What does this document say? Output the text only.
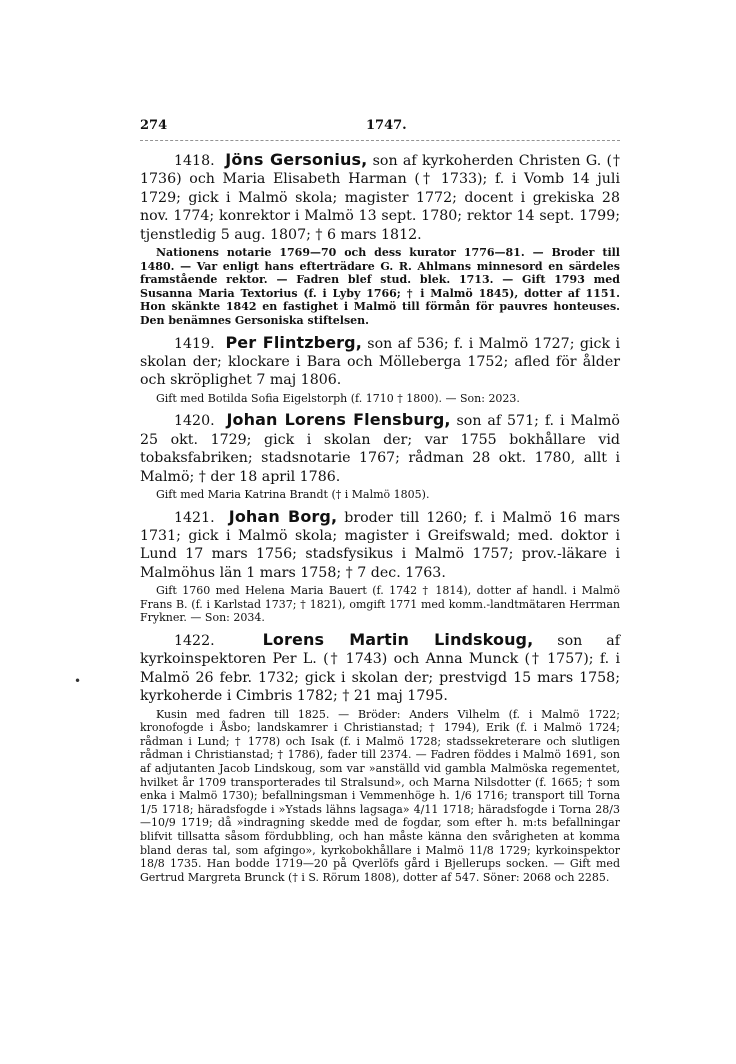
•
274	1747.

1418. Jöns Gersonius, son af kyrkoherden Christen G. († 1736) och Maria Elisabeth Harman († 1733); f. i Vomb 14 juli 1729; gick i Malmö skola; magister 1772; docent i grekiska 28 nov. 1774; konrektor i Malmö 13 sept. 1780; rektor 14 sept. 1799; tjenstledig 5 aug. 1807; † 6 mars 1812.

Nationens notarie 1769—70 och dess kurator 1776—81. — Broder till 1480. — Var enligt hans efterträdare G. R. Ahlmans minnesord en särdeles framstående rektor. — Fadren blef stud. blek. 1713. — Gift 1793 med Susanna Maria Textorius (f. i Lyby 1766; † i Malmö 1845), dotter af 1151. Hon skänkte 1842 en fastighet i Malmö till förmån för pauvres honteuses. Den benämnes Gersoniska stiftelsen.

1419. Per Flintzberg, son af 536; f. i Malmö 1727; gick i skolan der; klockare i Bara och Mölleberga 1752; afled för ålder och skröplighet 7 maj 1806.

Gift med Botilda Sofia Eigelstorph (f. 1710 † 1800). — Son: 2023.

1420. Johan Lorens Flensburg, son af 571; f. i Malmö 25 okt. 1729; gick i skolan der; var 1755 bokhållare vid tobaksfabriken; stadsnotarie 1767; rådman 28 okt. 1780, allt i Malmö; † der 18 april 1786.

Gift med Maria Katrina Brandt († i Malmö 1805).

1421. Johan Borg, broder till 1260; f. i Malmö 16 mars 1731; gick i Malmö skola; magister i Greifswald; med. doktor i Lund 17 mars 1756; stadsfysikus i Malmö 1757; prov.-läkare i Malmöhus län 1 mars 1758; † 7 dec. 1763.

Gift 1760 med Helena Maria Bauert (f. 1742 † 1814), dotter af handl. i Malmö Frans B. (f. i Karlstad 1737; † 1821), omgift 1771 med komm.-landtmätaren Herrman Frykner. — Son: 2034.

1422.	Lorens Martin Lindskoug, son af kyrkoinspektoren Per L. († 1743) och Anna Munck († 1757); f. i Malmö 26 febr. 1732; gick i skolan der; prestvigd 15 mars 1758; kyrkoherde i Cimbris 1782; † 21 maj 1795.

Kusin med fadren till 1825. — Bröder: Anders Vilhelm (f. i Malmö 1722; kronofogde i Åsbo; landskamrer i Christianstad; † 1794), Erik (f. i Malmö 1724; rådman i Lund; † 1778) och Isak (f. i Malmö 1728; stadssekreterare och slutligen rådman i Christianstad; † 1786), fader till 2374. — Fadren föddes i Malmö 1691, son af adjutanten Jacob Lindskoug, som var »anställd vid gambla Malmöska regementet, hvilket år 1709 transporterades til Stralsund», och Marna Nilsdotter (f. 1665; † som enka i Malmö 1730); befallningsman i Vemmenhöge h. 1/6 1716; transport till Torna 1/5 1718; häradsfogde i »Ystads lähns lagsaga» 4/11 1718; häradsfogde i Torna 28/3—10/9 1719; då »indragning skedde med de fogdar, som efter h. m:ts befallningar blifvit tillsatta såsom fördubbling, och han måste känna den svårigheten at komma bland deras tal, som afgingo», kyrkobokhållare i Malmö 11/8 1729; kyrkoinspektor 18/8 1735. Han bodde 1719—20 på Qverlöfs gård i Bjellerups socken. — Gift med Gertrud Margreta Brunck († i S. Rörum 1808), dotter af 547. Söner: 2068 och 2285.
